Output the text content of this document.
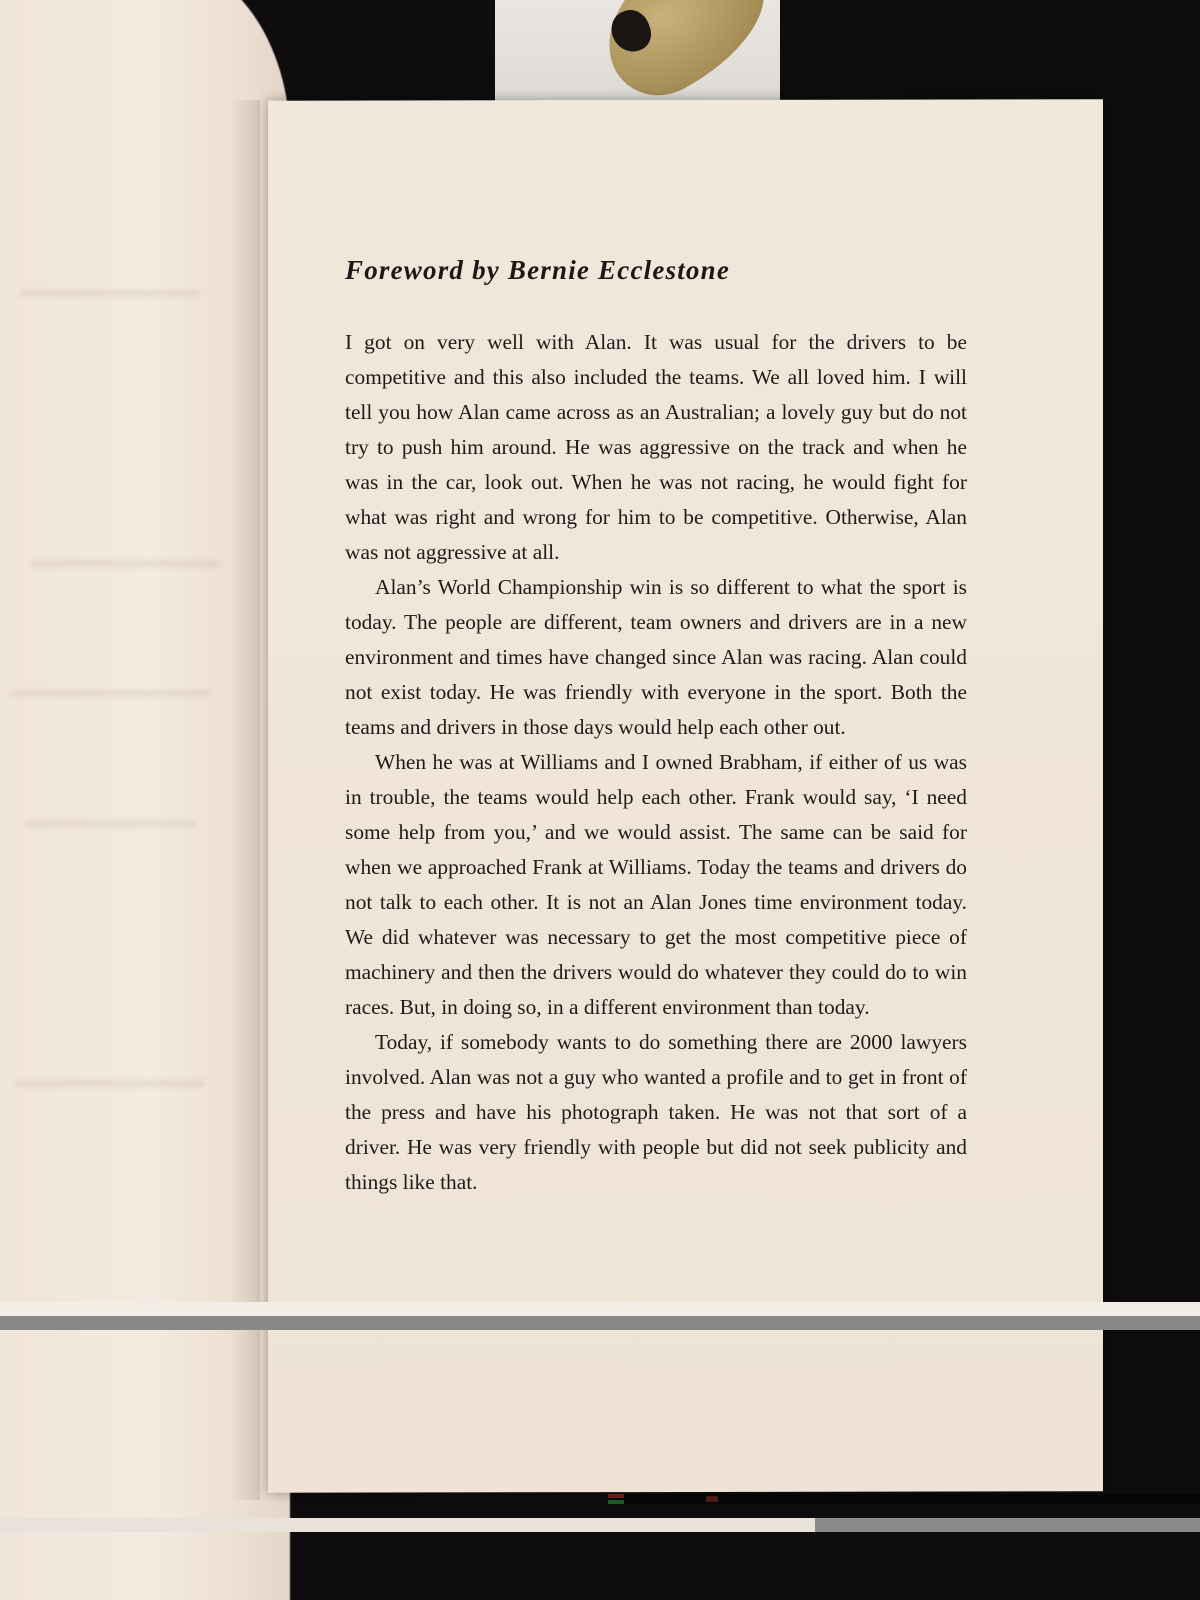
Foreword by Bernie Ecclestone

I got on very well with Alan. It was usual for the drivers to be competitive and this also included the teams. We all loved him. I will tell you how Alan came across as an Australian; a lovely guy but do not try to push him around. He was aggressive on the track and when he was in the car, look out. When he was not racing, he would fight for what was right and wrong for him to be competitive. Otherwise, Alan was not aggressive at all.

Alan’s World Championship win is so different to what the sport is today. The people are different, team owners and drivers are in a new environment and times have changed since Alan was racing. Alan could not exist today. He was friendly with everyone in the sport. Both the teams and drivers in those days would help each other out.

When he was at Williams and I owned Brabham, if either of us was in trouble, the teams would help each other. Frank would say, ‘I need some help from you,’ and we would assist. The same can be said for when we approached Frank at Williams. Today the teams and drivers do not talk to each other. It is not an Alan Jones time environment today. We did whatever was necessary to get the most competitive piece of machinery and then the drivers would do whatever they could do to win races. But, in doing so, in a different environment than today.

Today, if somebody wants to do something there are 2000 lawyers involved. Alan was not a guy who wanted a profile and to get in front of the press and have his photograph taken. He was not that sort of a driver. He was very friendly with people but did not seek publicity and things like that.
